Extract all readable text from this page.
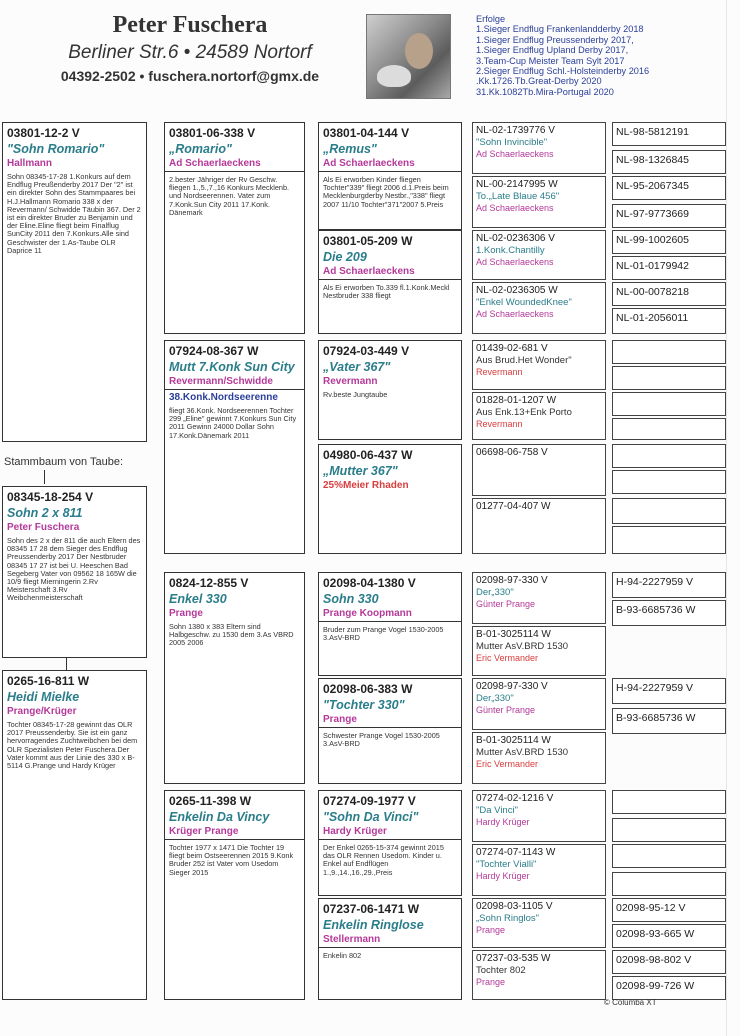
Peter Fuschera
Berliner Str.6 • 24589 Nortorf
04392-2502 • fuschera.nortorf@gmx.de
Erfolge
1.Sieger Endflug Frankenlandderby 2018
1.Sieger Endflug Preussenderby 2017,
1.Sieger Endflug Upland Derby 2017,
3.Team-Cup Meister Team Sylt 2017
2.Sieger Endflug Schl.-Holsteinderby 2016
.Kk.1726.Tb.Great-Derby 2020
31.Kk.1082Tb.Mira-Portugal 2020
03801-12-2 V
"Sohn Romario"
Hallmann
Sohn 08345-17-28 1.Konkurs auf dem Endflug Preußenderby 2017 Der "2" ist ein direkter Sohn des Stammpaares bei H.J.Hallmann Romario 338 x der Revermann/ Schwidde Täubin 367. Der 2 ist ein direkter Bruder zu Benjamin und der Eline.Eline fliegt beim Finalflug SunCity 2011 den 7.Konkurs.Alle sind Geschwister der 1.As-Taube OLR Daprice 11
Stammbaum von Taube:
08345-18-254 V
Sohn 2 x 811
Peter Fuschera
Sohn des 2 x der 811 die auch Eltern des 08345 17 28 dem Sieger des Endflug Preussenderby 2017 Der Nestbruder 08345 17 27 ist bei U. Heeschen Bad Segeberg Vater von 09562 18 165W die 10/9 fliegt Mierningerin 2.Rv Meisterschaft 3.Rv Weibchenmeisterschaft
0265-16-811 W
Heidi Mielke
Prange/Krüger
Tochter 08345-17-28 gewinnt das OLR 2017 Preussenderby. Sie ist ein ganz hervorragendes Zuchtweibchen bei dem OLR Spezialisten Peter Fuschera.Der Vater kommt aus der Linie des 330 x B-5114 G.Prange und Hardy Krüger
03801-06-338 V
„Romario"
Ad Schaerlaeckens
2.bester Jähriger der Rv Geschw. fliegen 1.,5.,7.,16 Konkurs Mecklenb. und Nordseerennen. Vater zum 7.Konk.Sun City 2011 17.Konk. Dänemark
07924-08-367 W
Mutt 7.Konk Sun City
Revermann/Schwidde
38.Konk.Nordseerenne
fliegt 36.Konk. Nordseerennen Tochter 299 „Eline" gewinnt 7.Konkurs Sun City 2011 Gewinn 24000 Dollar Sohn 17.Konk.Dänemark 2011
0824-12-855 V
Enkel 330
Prange
Sohn 1380 x 383 Eltern sind Halbgeschw. zu 1530 dem 3.As VBRD 2005 2006
0265-11-398 W
Enkelin Da Vincy
Krüger Prange
Tochter 1977 x 1471 Die Tochter 19 fliegt beim Ostseerennen 2015 9.Konk Bruder 252 ist Vater vom Usedom Sieger 2015
03801-04-144 V
„Remus"
Ad Schaerlaeckens
Als Ei erworben Kinder fliegen Tochter"339" fliegt 2006 d.1.Preis beim Mecklenburgderby Nestbr.,"338" fliegt 2007 11/10 Tochter"371"2007 5.Preis
03801-05-209 W
Die 209
Ad Schaerlaeckens
Als Ei erworben To.339 fl.1.Konk.Meckl Nestbruder 338 fliegt
07924-03-449 V
„Vater 367"
Revermann
Rv.beste Jungtaube
04980-06-437 W
„Mutter 367"
25%Meier Rhaden
02098-04-1380 V
Sohn 330
Prange Koopmann
Bruder zum Prange Vogel 1530-2005 3.AsV-BRD
02098-06-383 W
"Tochter 330"
Prange
Schwester Prange Vogel 1530-2005 3.AsV-BRD
07274-09-1977 V
"Sohn Da Vinci"
Hardy Krüger
Der Enkel 0265-15-374 gewinnt 2015 das OLR Rennen Usedom. Kinder u. Enkel auf Endflügen 1.,9.,14.,16.,29.,Preis
07237-06-1471 W
Enkelin Ringlose
Stellermann
Enkelin 802
NL-02-1739776 V
"Sohn Invincible"
Ad Schaerlaeckens
NL-00-2147995 W
To.„Late Blaue 456"
Ad Schaerlaeckens
NL-02-0236306 V
1.Konk.Chantilly
Ad Schaerlaeckens
NL-02-0236305 W
"Enkel WoundedKnee"
Ad Schaerlaeckens
01439-02-681 V
Aus Brud.Het Wonder"
Revermann
01828-01-1207 W
Aus Enk.13+Enk Porto
Revermann
06698-06-758 V
01277-04-407 W
02098-97-330 V
Der„330"
Günter Prange
B-01-3025114 W
Mutter AsV.BRD 1530
Eric Vermander
02098-97-330 V
Der„330"
Günter Prange
B-01-3025114 W
Mutter AsV.BRD 1530
Eric Vermander
07274-02-1216 V
"Da Vinci"
Hardy Krüger
07274-07-1143 W
"Tochter Vialli"
Hardy Krüger
02098-03-1105 V
„Sohn Ringlos"
Prange
07237-03-535 W
Tochter 802
Prange
NL-98-5812191
NL-98-1326845
NL-95-2067345
NL-97-9773669
NL-99-1002605
NL-01-0179942
NL-00-0078218
NL-01-2056011
H-94-2227959 V
B-93-6685736 W
H-94-2227959 V
B-93-6685736 W
02098-95-12 V
02098-93-665 W
02098-98-802 V
02098-99-726 W
© Columba XT
